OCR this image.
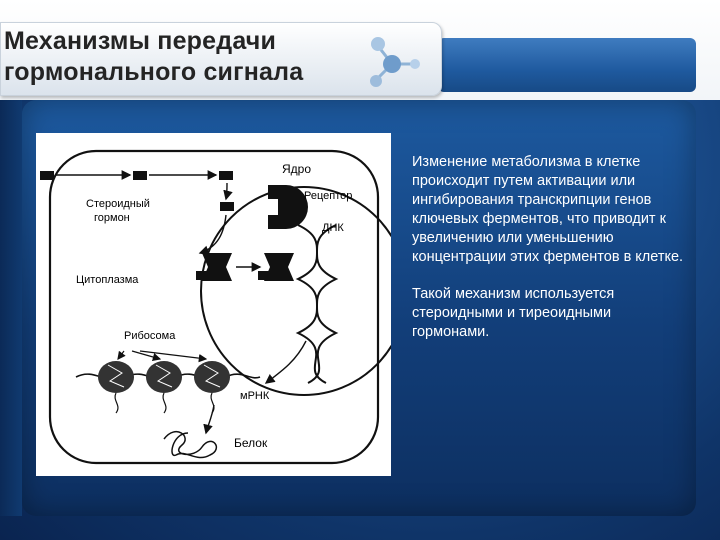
Механизмы передачи
гормонального сигнала
Ядро
Рецептор
Стероидный
гормон
ДНК
Цитоплазма
Рибосома
мРНК
Белок

Изменение метаболизма в клетке происходит путем активации или ингибирования транскрипции генов ключевых ферментов, что приводит к увеличению или уменьшению концентрации этих ферментов в клетке.

Такой механизм используется стероидными и тиреоидными гормонами.
